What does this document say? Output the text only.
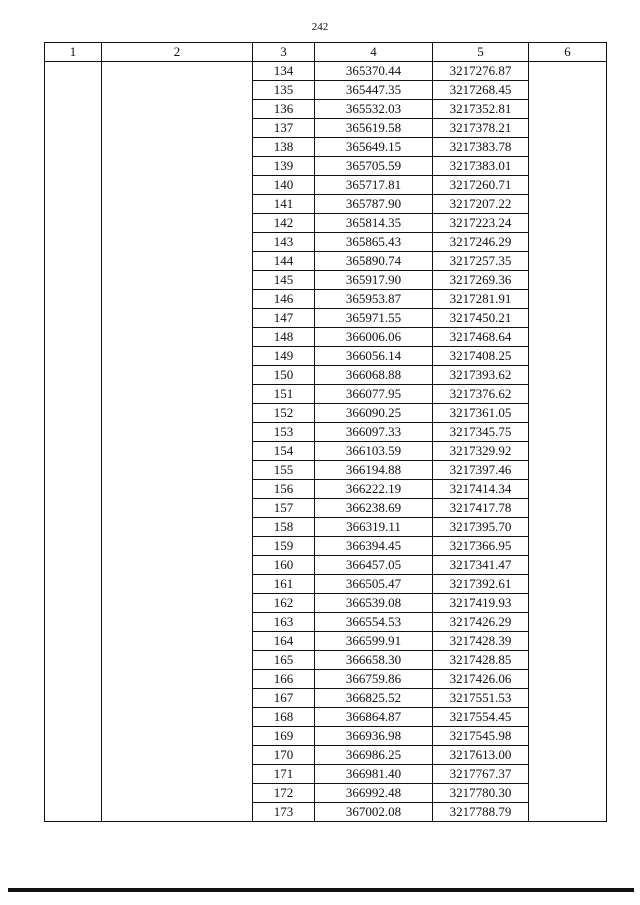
242
1	2	3	4	5	6
		134	365370.44	3217276.87	
		135	365447.35	3217268.45	
		136	365532.03	3217352.81	
		137	365619.58	3217378.21	
		138	365649.15	3217383.78	
		139	365705.59	3217383.01	
		140	365717.81	3217260.71	
		141	365787.90	3217207.22	
		142	365814.35	3217223.24	
		143	365865.43	3217246.29	
		144	365890.74	3217257.35	
		145	365917.90	3217269.36	
		146	365953.87	3217281.91	
		147	365971.55	3217450.21	
		148	366006.06	3217468.64	
		149	366056.14	3217408.25	
		150	366068.88	3217393.62	
		151	366077.95	3217376.62	
		152	366090.25	3217361.05	
		153	366097.33	3217345.75	
		154	366103.59	3217329.92	
		155	366194.88	3217397.46	
		156	366222.19	3217414.34	
		157	366238.69	3217417.78	
		158	366319.11	3217395.70	
		159	366394.45	3217366.95	
		160	366457.05	3217341.47	
		161	366505.47	3217392.61	
		162	366539.08	3217419.93	
		163	366554.53	3217426.29	
		164	366599.91	3217428.39	
		165	366658.30	3217428.85	
		166	366759.86	3217426.06	
		167	366825.52	3217551.53	
		168	366864.87	3217554.45	
		169	366936.98	3217545.98	
		170	366986.25	3217613.00	
		171	366981.40	3217767.37	
		172	366992.48	3217780.30	
		173	367002.08	3217788.79	
